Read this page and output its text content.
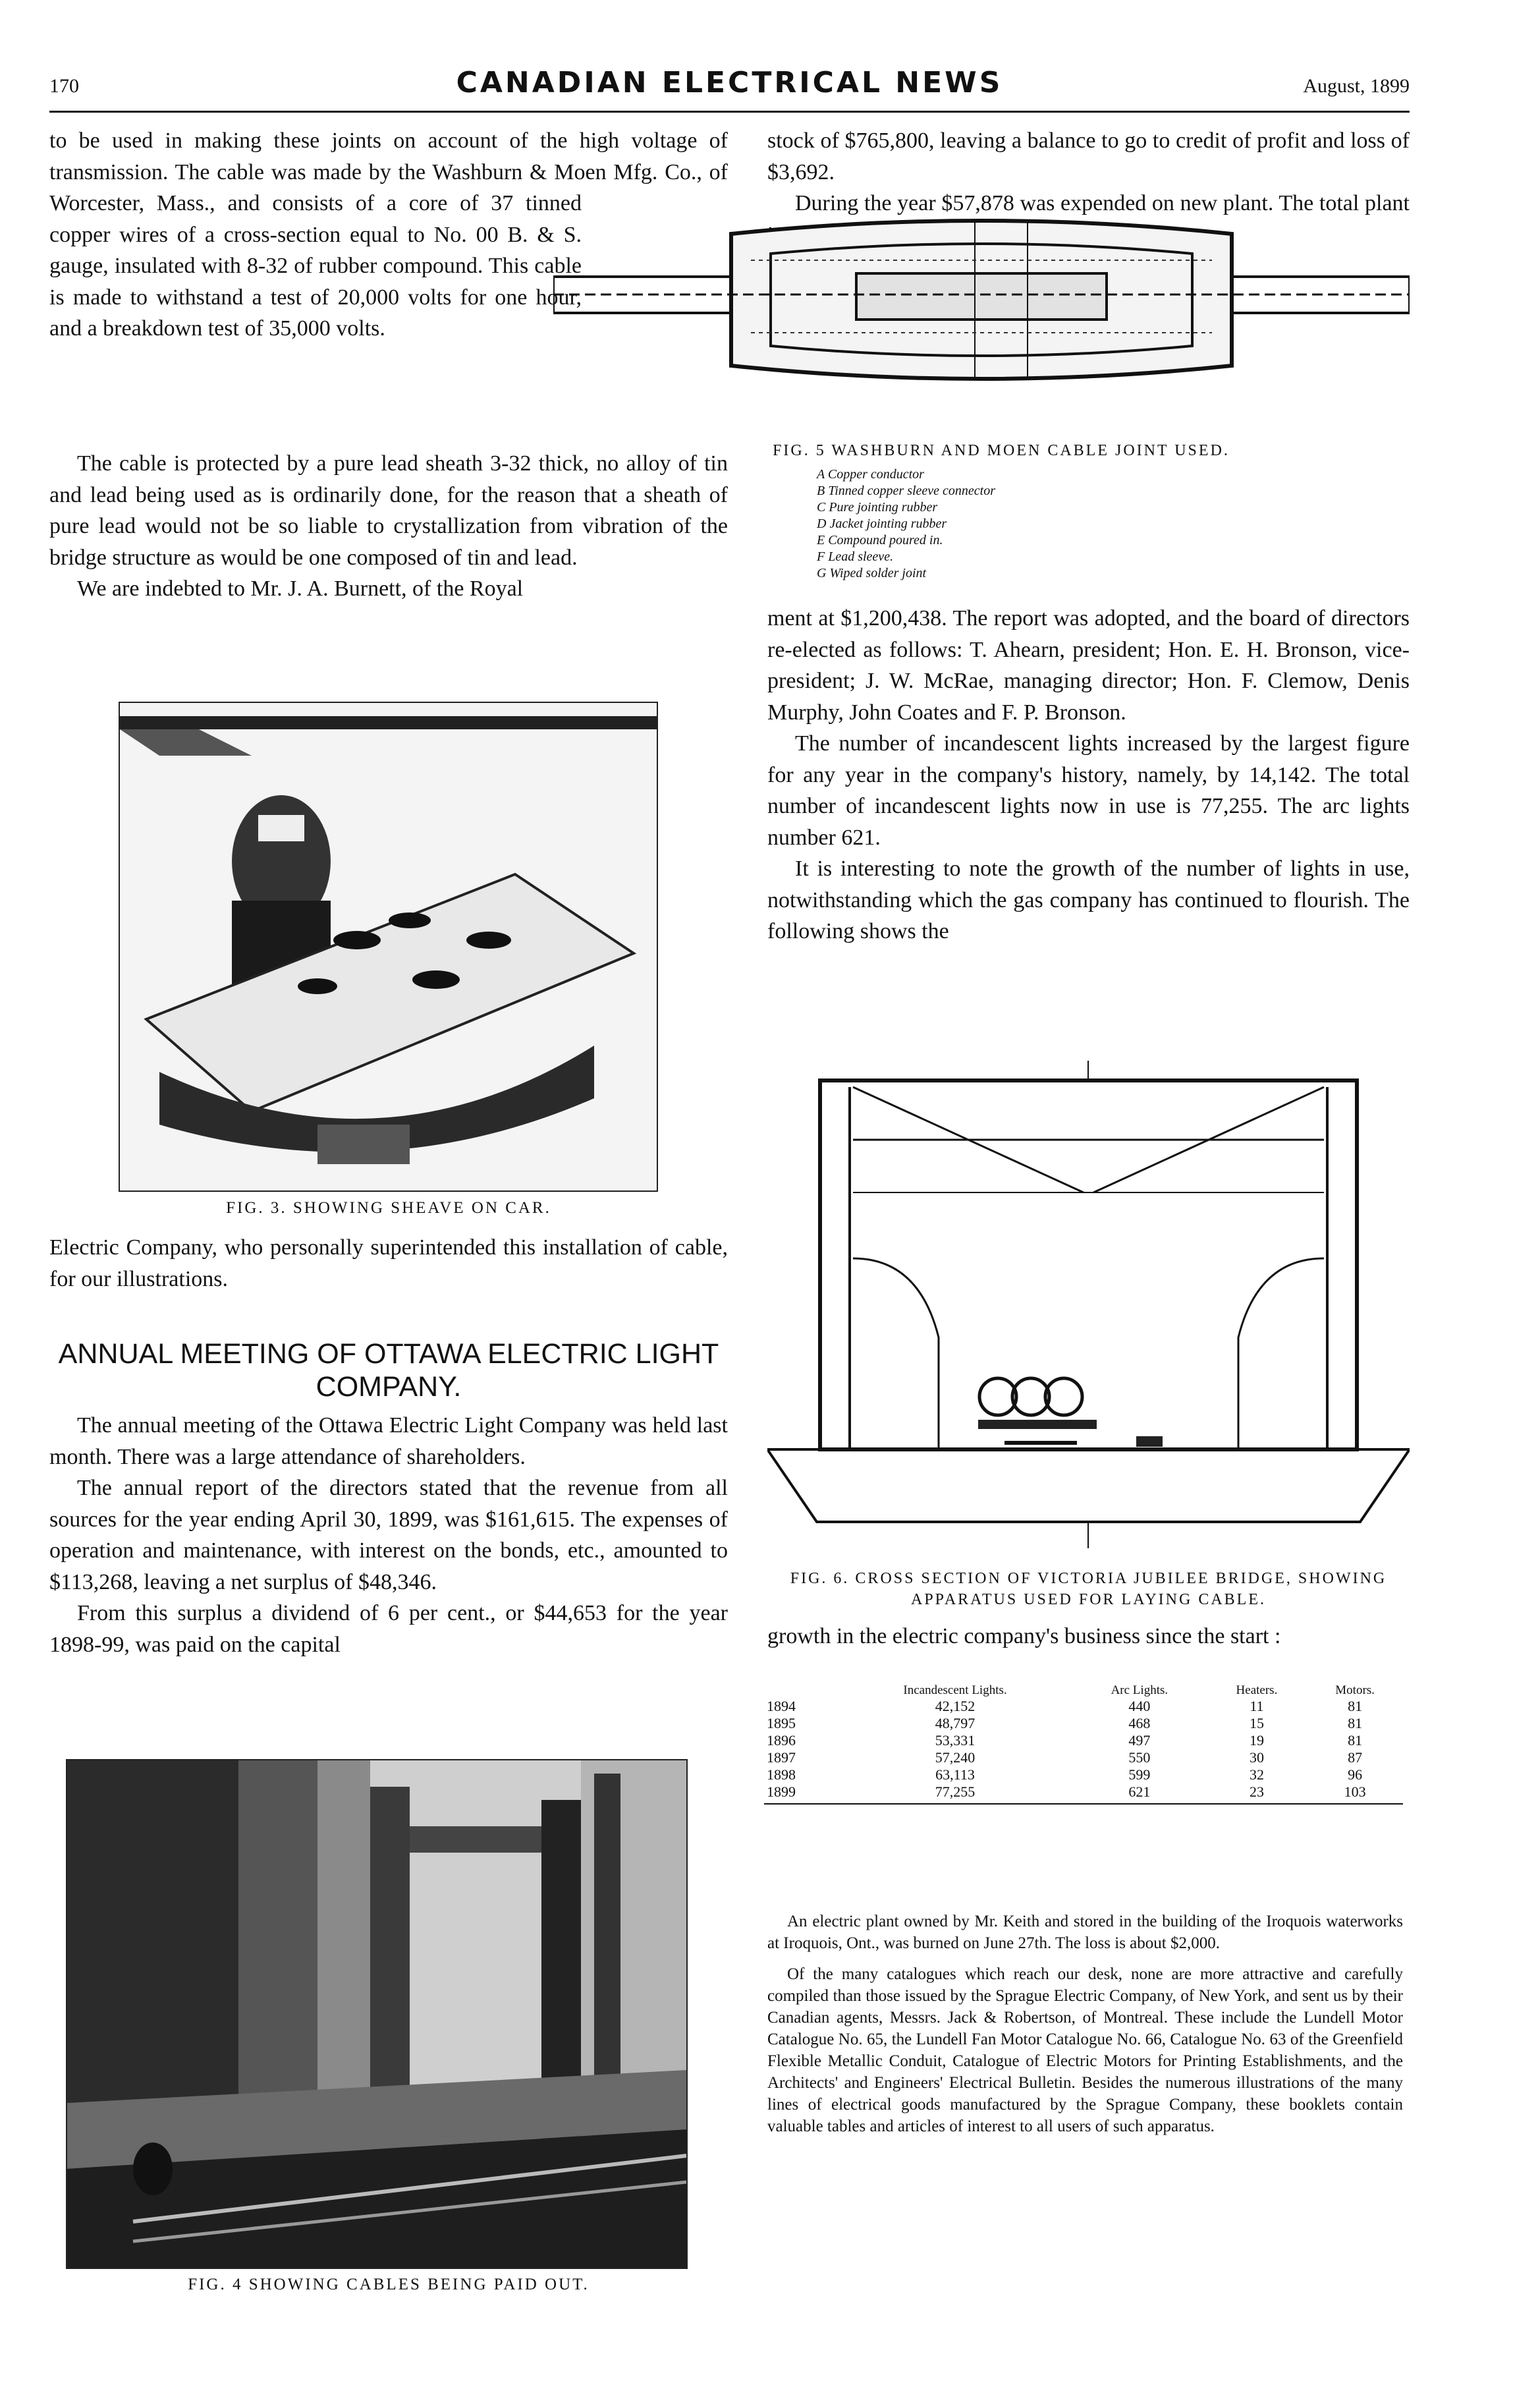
170	CANADIAN ELECTRICAL NEWS	August, 1899

to be used in making these joints on account of the high voltage of transmission. The cable was made by the Washburn & Moen Mfg. Co., of Worcester, Mass., and consists of a core of 37 tinned copper wires of a cross-section equal to No. 00 B. & S. gauge, insulated with 8-32 of rubber compound. This cable is made to withstand a test of 20,000 volts for one hour, and a breakdown test of 35,000 volts.

The cable is protected by a pure lead sheath 3-32 thick, no alloy of tin and lead being used as is ordinarily done, for the reason that a sheath of pure lead would not be so liable to crystallization from vibration of the bridge structure as would be one composed of tin and lead.

We are indebted to Mr. J. A. Burnett, of the Royal

FIG. 3. SHOWING SHEAVE ON CAR.

Electric Company, who personally superintended this installation of cable, for our illustrations.

ANNUAL MEETING OF OTTAWA ELECTRIC LIGHT COMPANY.

The annual meeting of the Ottawa Electric Light Company was held last month. There was a large attendance of shareholders.

The annual report of the directors stated that the revenue from all sources for the year ending April 30, 1899, was $161,615. The expenses of operation and maintenance, with interest on the bonds, etc., amounted to $113,268, leaving a net surplus of $48,346.

From this surplus a dividend of 6 per cent., or $44,653 for the year 1898-99, was paid on the capital

FIG. 4 SHOWING CABLES BEING PAID OUT.

stock of $765,800, leaving a balance to go to credit of profit and loss of $3,692.

During the year $57,878 was expended on new plant. The total plant

FIG. 5 WASHBURN AND MOEN CABLE JOINT USED.
A Copper conductor
B Tinned copper sleeve connector
C Pure jointing rubber
D Jacket jointing rubber
E Compound poured in.
F Lead sleeve.
G Wiped solder joint

ment at $1,200,438. The report was adopted, and the board of directors re-elected as follows: T. Ahearn, president; Hon. E. H. Bronson, vice-president; J. W. McRae, managing director; Hon. F. Clemow, Denis Murphy, John Coates and F. P. Bronson.

The number of incandescent lights increased by the largest figure for any year in the company's history, namely, by 14,142. The total number of incandescent lights now in use is 77,255. The arc lights number 621.

It is interesting to note the growth of the number of lights in use, notwithstanding which the gas company has continued to flourish. The following shows the

FIG. 6. CROSS SECTION OF VICTORIA JUBILEE BRIDGE, SHOWING APPARATUS USED FOR LAYING CABLE.

growth in the electric company's business since the start :

	Incandescent Lights.	Arc Lights.	Heaters.	Motors.
1894	42,152	440	11	81
1895	48,797	468	15	81
1896	53,331	497	19	81
1897	57,240	550	30	87
1898	63,113	599	32	96
1899	77,255	621	23	103

An electric plant owned by Mr. Keith and stored in the building of the Iroquois waterworks at Iroquois, Ont., was burned on June 27th. The loss is about $2,000.

Of the many catalogues which reach our desk, none are more attractive and carefully compiled than those issued by the Sprague Electric Company, of New York, and sent us by their Canadian agents, Messrs. Jack & Robertson, of Montreal. These include the Lundell Motor Catalogue No. 65, the Lundell Fan Motor Catalogue No. 66, Catalogue No. 63 of the Greenfield Flexible Metallic Conduit, Catalogue of Electric Motors for Printing Establishments, and the Architects' and Engineers' Electrical Bulletin. Besides the numerous illustrations of the many lines of electrical goods manufactured by the Sprague Company, these booklets contain valuable tables and articles of interest to all users of such apparatus.
